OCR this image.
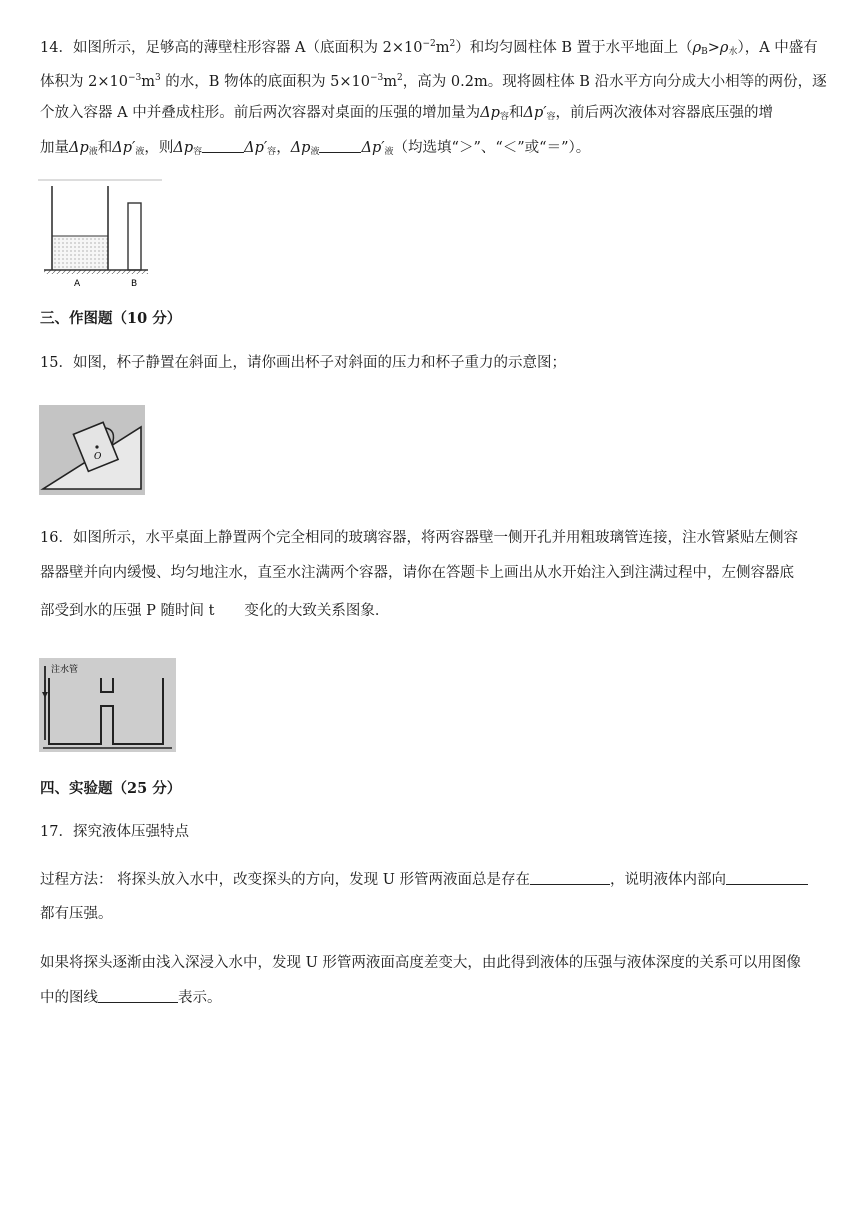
14．如图所示，足够高的薄壁柱形容器 A（底面积为 $2\times 10^{-2}m^2$）和均匀圆柱体 B 置于水平地面上$(\rho_B>\rho_水)$，A 中盛有
体积为 $2\times 10^{-3}m^3$ 的水，B 物体的底面积为 $5\times 10^{-3}m^2$，高为 0.2m。现将圆柱体 B 沿水平方向分成大小相等的两份，逐
个放入容器 A 中并叠成柱形。前后两次容器对桌面的压强的增加量为$\Delta p_容$和$\Delta p'_容$，前后两次液体对容器底压强的增
加量$\Delta p_液$和$\Delta p'_液$，则$\Delta p_容$	$\Delta p'_容$，$\Delta p_液$	$\Delta p'_液$（均选填“＞”、“＜”或“＝”）。
A	B
三、作图题（10 分）
15．如图，杯子静置在斜面上，请你画出杯子对斜面的压力和杯子重力的示意图；
O
16．如图所示，水平桌面上静置两个完全相同的玻璃容器，将两容器壁一侧开孔并用粗玻璃管连接，注水管紧贴左侧容
器器壁并向内缓慢、均匀地注水，直至水注满两个容器，请你在答题卡上画出从水开始注入到注满过程中，左侧容器底
部受到水的压强 P 随时间 t 变化的大致关系图象．
注水管
四、实验题（25 分）
17．探究液体压强特点
过程方法： 将探头放入水中，改变探头的方向，发现 U 形管两液面总是存在	，说明液体内部向
都有压强。
如果将探头逐渐由浅入深浸入水中，发现 U 形管两液面高度差变大，由此得到液体的压强与液体深度的关系可以用图像
中的图线	表示。
